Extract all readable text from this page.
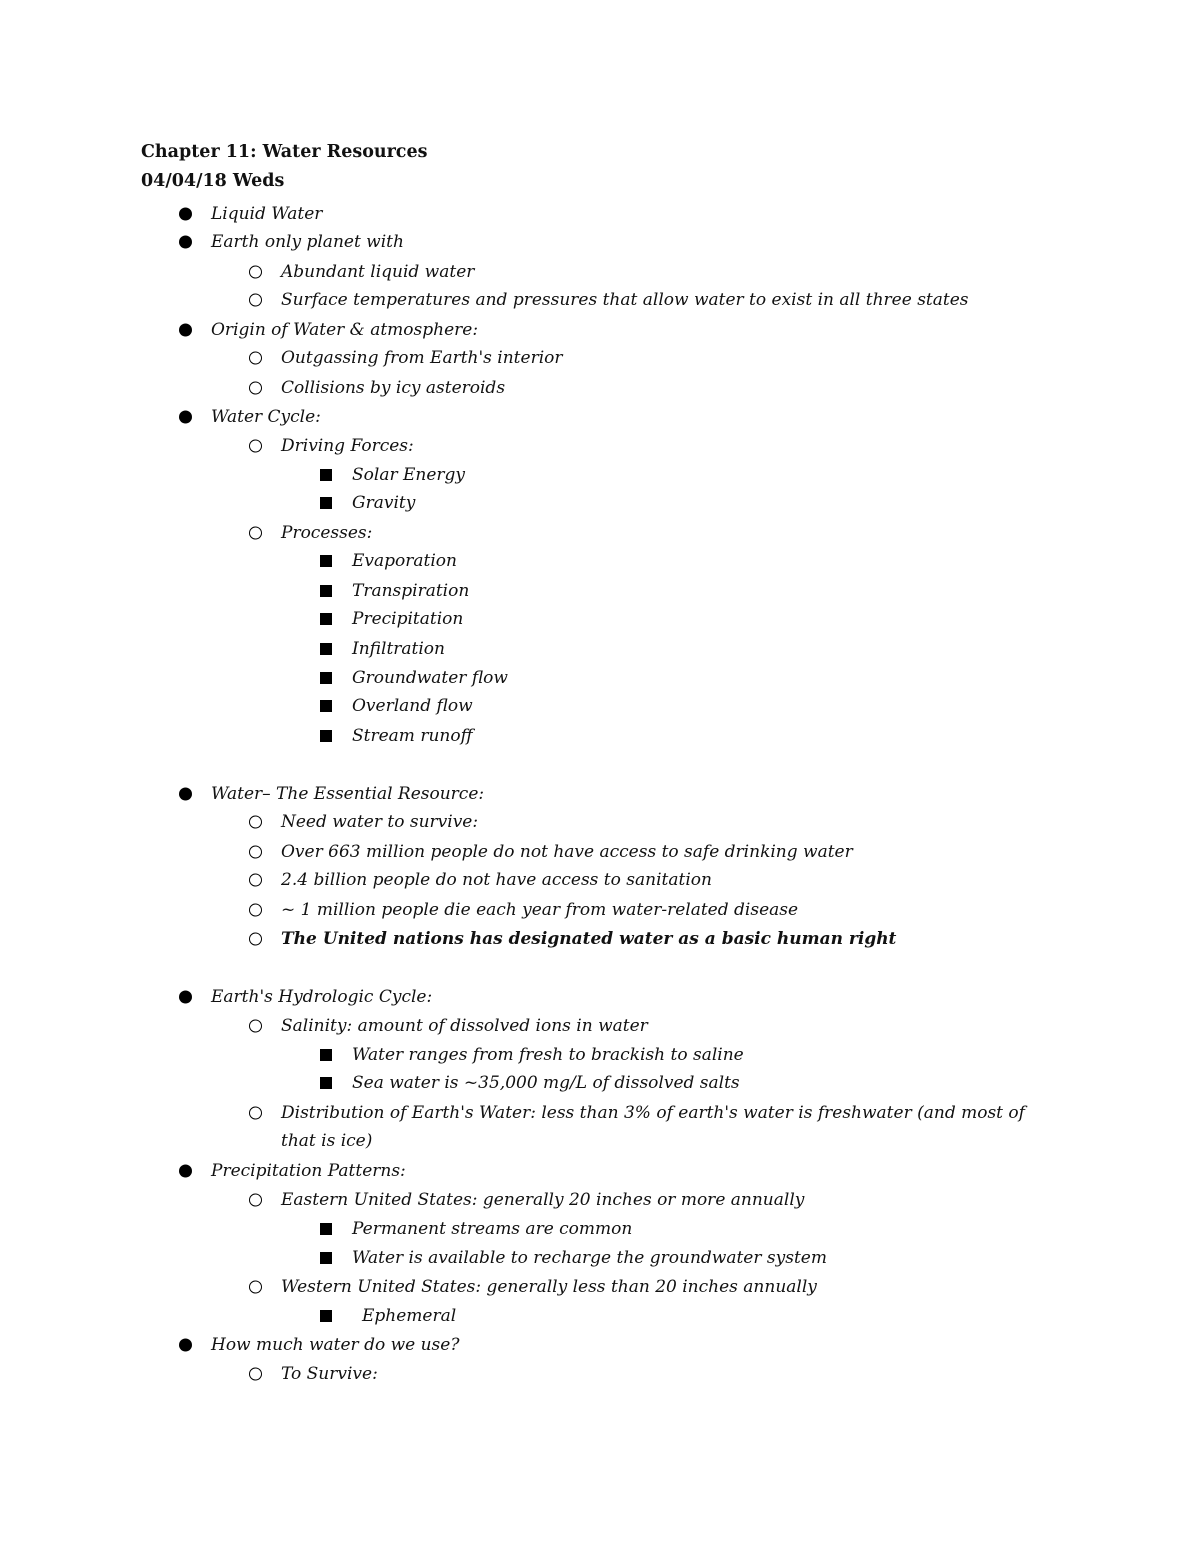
Chapter 11: Water Resources
04/04/18 Weds
Liquid Water
Earth only planet with
Abundant liquid water
Surface temperatures and pressures that allow water to exist in all three states
Origin of Water & atmosphere:
Outgassing from Earth's interior
Collisions by icy asteroids
Water Cycle:
Driving Forces:
Solar Energy
Gravity
Processes:
Evaporation
Transpiration
Precipitation
Infiltration
Groundwater flow
Overland flow
Stream runoff
Water– The Essential Resource:
Need water to survive:
Over 663 million people do not have access to safe drinking water
2.4 billion people do not have access to sanitation
~ 1 million people die each year from water-related disease
The United nations has designated water as a basic human right
Earth's Hydrologic Cycle:
Salinity: amount of dissolved ions in water
Water ranges from fresh to brackish to saline
Sea water is ~35,000 mg/L of dissolved salts
Distribution of Earth's Water: less than 3% of earth's water is freshwater (and most of
that is ice)
Precipitation Patterns:
Eastern United States: generally 20 inches or more annually
Permanent streams are common
Water is available to recharge the groundwater system
Western United States: generally less than 20 inches annually
Ephemeral
How much water do we use?
To Survive:
